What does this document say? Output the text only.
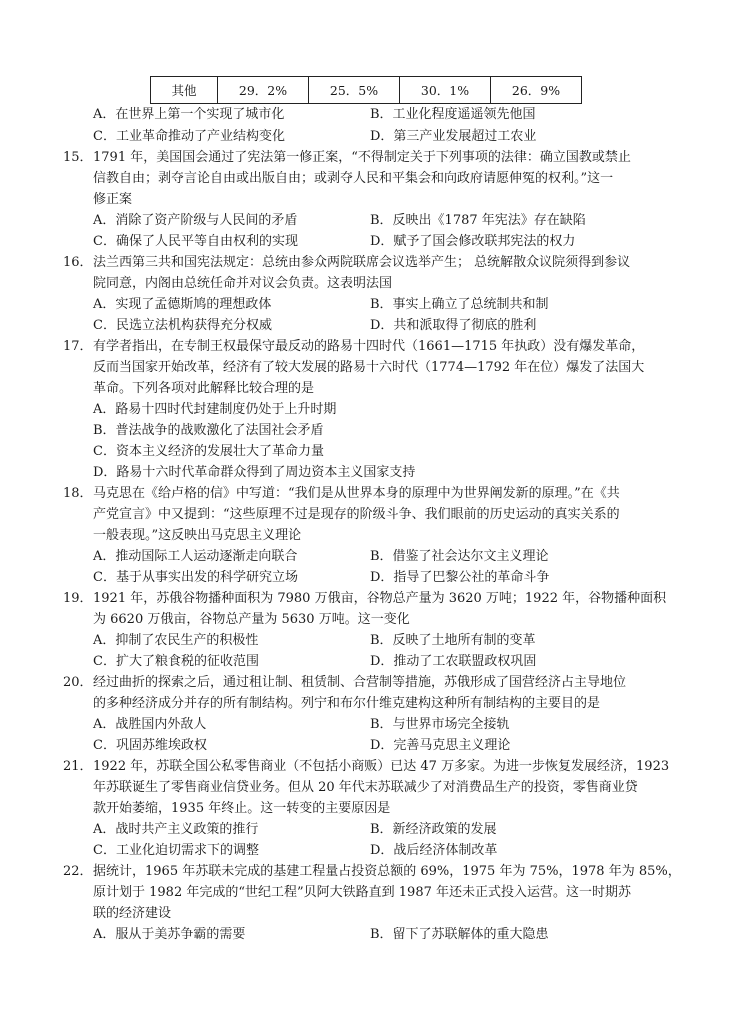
其他	29．2%	25．5%	30．1%	26．9%
A．在世界上第一个实现了城市化	B．工业化程度遥遥领先他国
C．工业革命推动了产业结构变化	D．第三产业发展超过工农业
15． 1791 年，美国国会通过了宪法第一修正案，“不得制定关于下列事项的法律：确立国教或禁止
信教自由；剥夺言论自由或出版自由；或剥夺人民和平集会和向政府请愿伸冤的权利。”这一
修正案
A．消除了资产阶级与人民间的矛盾	B．反映出《1787 年宪法》存在缺陷
C．确保了人民平等自由权利的实现	D．赋予了国会修改联邦宪法的权力
16． 法兰西第三共和国宪法规定：总统由参众两院联席会议选举产生； 总统解散众议院须得到参议
院同意，内阁由总统任命并对议会负责。这表明法国
A．实现了孟德斯鸠的理想政体	B．事实上确立了总统制共和制
C．民选立法机构获得充分权威	D．共和派取得了彻底的胜利
17． 有学者指出，在专制王权最保守最反动的路易十四时代（1661—1715 年执政）没有爆发革命，
反而当国家开始改革，经济有了较大发展的路易十六时代（1774—1792 年在位）爆发了法国大
革命。下列各项对此解释比较合理的是
A．路易十四时代封建制度仍处于上升时期
B．普法战争的战败激化了法国社会矛盾
C．资本主义经济的发展壮大了革命力量
D．路易十六时代革命群众得到了周边资本主义国家支持
18． 马克思在《给卢格的信》中写道：“我们是从世界本身的原理中为世界阐发新的原理。”在《共
产党宣言》中又提到：“这些原理不过是现存的阶级斗争、我们眼前的历史运动的真实关系的
一般表现。”这反映出马克思主义理论
A．推动国际工人运动逐渐走向联合	B．借鉴了社会达尔文主义理论
C．基于从事实出发的科学研究立场	D．指导了巴黎公社的革命斗争
19． 1921 年，苏俄谷物播种面积为 7980 万俄亩，谷物总产量为 3620 万吨；1922 年，谷物播种面积
为 6620 万俄亩，谷物总产量为 5630 万吨。这一变化
A．抑制了农民生产的积极性	B．反映了土地所有制的变革
C．扩大了粮食税的征收范围	D．推动了工农联盟政权巩固
20． 经过曲折的探索之后，通过租让制、租赁制、合营制等措施，苏俄形成了国营经济占主导地位
的多种经济成分并存的所有制结构。列宁和布尔什维克建构这种所有制结构的主要目的是
A．战胜国内外敌人	B．与世界市场完全接轨
C．巩固苏维埃政权	D．完善马克思主义理论
21． 1922 年，苏联全国公私零售商业（不包括小商贩）已达 47 万多家。为进一步恢复发展经济，1923
年苏联诞生了零售商业信贷业务。但从 20 年代末苏联减少了对消费品生产的投资，零售商业贷
款开始萎缩，1935 年终止。这一转变的主要原因是
A．战时共产主义政策的推行	B．新经济政策的发展
C．工业化迫切需求下的调整	D．战后经济体制改革
22． 据统计，1965 年苏联未完成的基建工程量占投资总额的 69%，1975 年为 75%，1978 年为 85%，
原计划于 1982 年完成的“世纪工程”贝阿大铁路直到 1987 年还未正式投入运营。这一时期苏
联的经济建设
A．服从于美苏争霸的需要	B．留下了苏联解体的重大隐患
